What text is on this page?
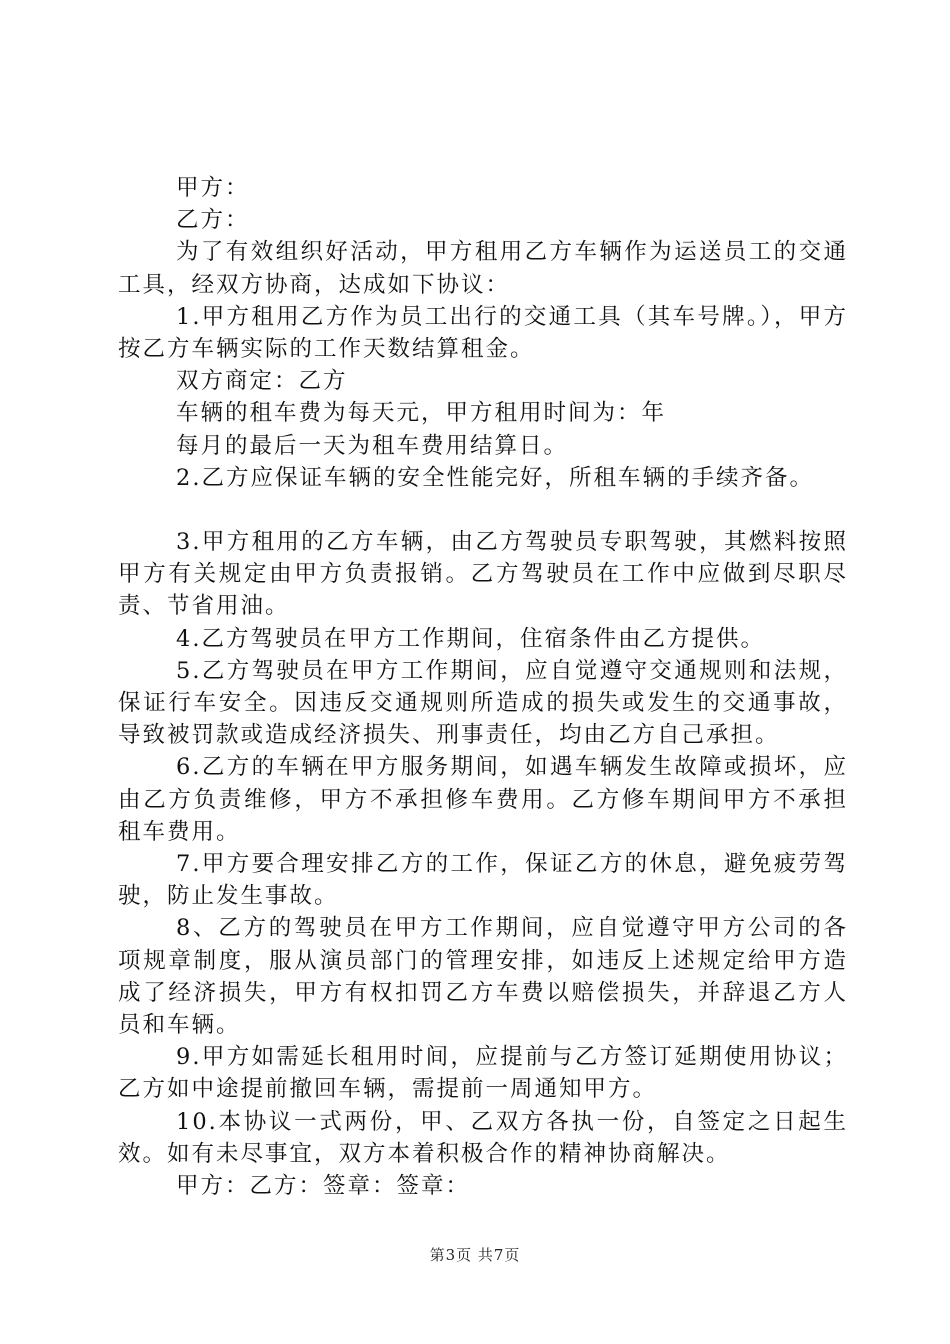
甲方：

乙方：

为了有效组织好活动，甲方租用乙方车辆作为运送员工的交通工具，经双方协商，达成如下协议：

1.甲方租用乙方作为员工出行的交通工具（其车号牌。），甲方按乙方车辆实际的工作天数结算租金。

双方商定：乙方

车辆的租车费为每天元，甲方租用时间为：年

每月的最后一天为租车费用结算日。

2.乙方应保证车辆的安全性能完好，所租车辆的手续齐备。

3.甲方租用的乙方车辆，由乙方驾驶员专职驾驶，其燃料按照甲方有关规定由甲方负责报销。乙方驾驶员在工作中应做到尽职尽责、节省用油。

4.乙方驾驶员在甲方工作期间，住宿条件由乙方提供。

5.乙方驾驶员在甲方工作期间，应自觉遵守交通规则和法规，保证行车安全。因违反交通规则所造成的损失或发生的交通事故，导致被罚款或造成经济损失、刑事责任，均由乙方自己承担。

6.乙方的车辆在甲方服务期间，如遇车辆发生故障或损坏，应由乙方负责维修，甲方不承担修车费用。乙方修车期间甲方不承担租车费用。

7.甲方要合理安排乙方的工作，保证乙方的休息，避免疲劳驾驶，防止发生事故。

8、乙方的驾驶员在甲方工作期间，应自觉遵守甲方公司的各项规章制度，服从演员部门的管理安排，如违反上述规定给甲方造成了经济损失，甲方有权扣罚乙方车费以赔偿损失，并辞退乙方人员和车辆。

9.甲方如需延长租用时间，应提前与乙方签订延期使用协议；乙方如中途提前撤回车辆，需提前一周通知甲方。

10.本协议一式两份，甲、乙双方各执一份，自签定之日起生效。如有未尽事宜，双方本着积极合作的精神协商解决。

甲方：乙方：签章：签章：

第3页 共7页
